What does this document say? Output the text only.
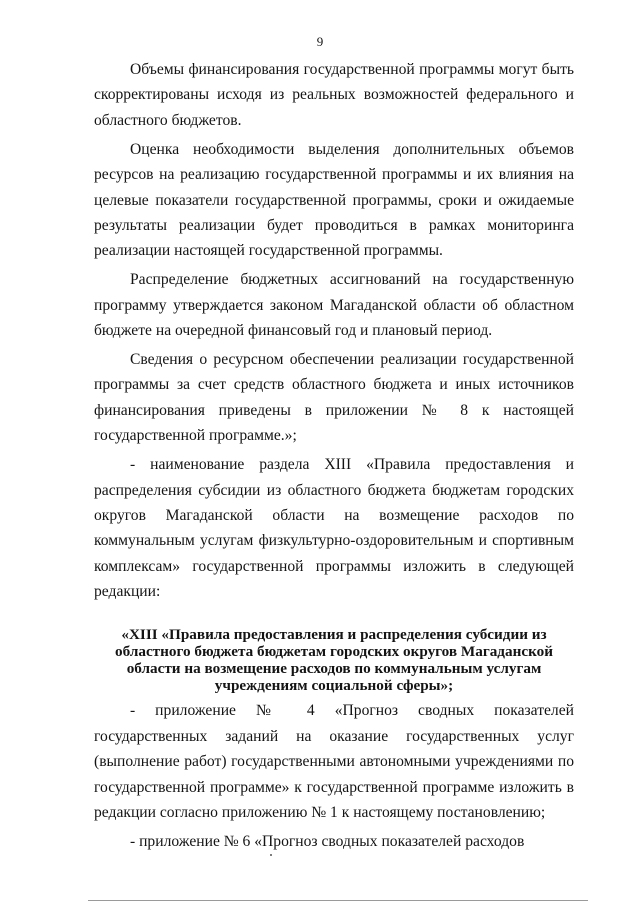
9

Объемы финансирования государственной программы могут быть скорректированы исходя из реальных возможностей федерального и областного бюджетов.

Оценка необходимости выделения дополнительных объемов ресурсов на реализацию государственной программы и их влияния на целевые показатели государственной программы, сроки и ожидаемые результаты реализации будет проводиться в рамках мониторинга реализации настоящей государственной программы.

Распределение бюджетных ассигнований на государственную программу утверждается законом Магаданской области об областном бюджете на очередной финансовый год и плановый период.

Сведения о ресурсном обеспечении реализации государственной программы за счет средств областного бюджета и иных источников финансирования приведены в приложении № 8 к настоящей государственной программе.»;

- наименование раздела XIII «Правила предоставления и распределения субсидии из областного бюджета бюджетам городских округов Магаданской области на возмещение расходов по коммунальным услугам физкультурно-оздоровительным и спортивным комплексам» государственной программы изложить в следующей редакции:

«XIII «Правила предоставления и распределения субсидии из областного бюджета бюджетам городских округов Магаданской области на возмещение расходов по коммунальным услугам учреждениям социальной сферы»;

- приложение № 4 «Прогноз сводных показателей государственных заданий на оказание государственных услуг (выполнение работ) государственными автономными учреждениями по государственной программе» к государственной программе изложить в редакции согласно приложению № 1 к настоящему постановлению;

- приложение № 6 «Прогноз сводных показателей расходов
